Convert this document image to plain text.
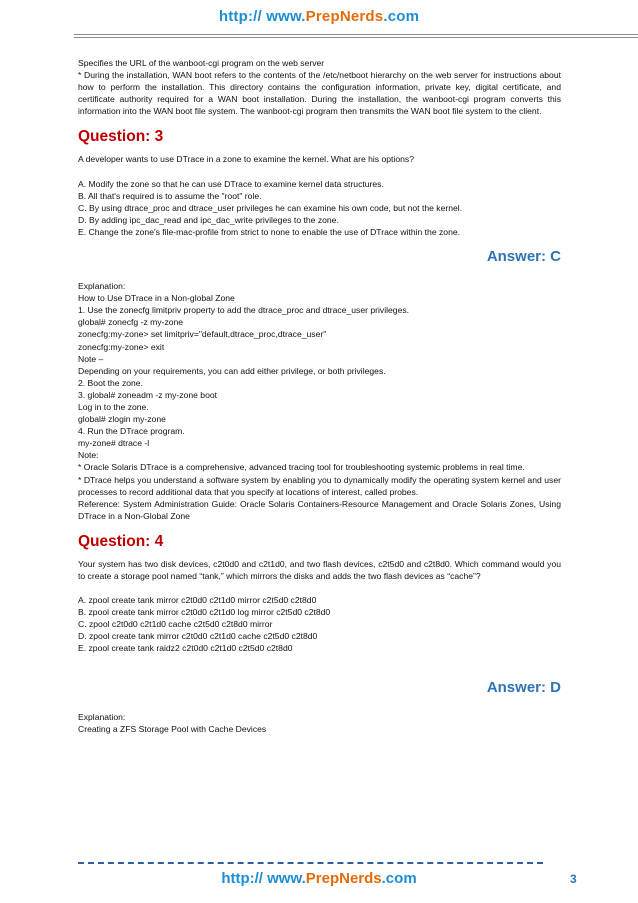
http:// www.PrepNerds.com

Specifies the URL of the wanboot-cgi program on the web server

* During the installation, WAN boot refers to the contents of the /etc/netboot hierarchy on the web server for instructions about how to perform the installation. This directory contains the configuration information, private key, digital certificate, and certificate authority required for a WAN boot installation. During the installation, the wanboot-cgi program converts this information into the WAN boot file system. The wanboot-cgi program then transmits the WAN boot file system to the client.

Question: 3

A developer wants to use DTrace in a zone to examine the kernel. What are his options?

A. Modify the zone so that he can use DTrace to examine kernel data structures.

B. All that's required is to assume the "root" role.

C. By using dtrace_proc and dtrace_user privileges he can examine his own code, but not the kernel.

D. By adding ipc_dac_read and ipc_dac_write privileges to the zone.

E. Change the zone's file-mac-profile from strict to none to enable the use of DTrace within the zone.

Answer: C

Explanation:

How to Use DTrace in a Non-global Zone

1. Use the zonecfg limitpriv property to add the dtrace_proc and dtrace_user privileges.

global# zonecfg -z my-zone

zonecfg:my-zone> set limitpriv="default,dtrace_proc,dtrace_user"

zonecfg:my-zone> exit

Note –

Depending on your requirements, you can add either privilege, or both privileges.

2. Boot the zone.

3. global# zoneadm -z my-zone boot

Log in to the zone.

global# zlogin my-zone

4. Run the DTrace program.

my-zone# dtrace -l

Note:

* Oracle Solaris DTrace is a comprehensive, advanced tracing tool for troubleshooting systemic problems in real time.

* DTrace helps you understand a software system by enabling you to dynamically modify the operating system kernel and user processes to record additional data that you specify at locations of interest, called probes.

Reference: System Administration Guide: Oracle Solaris Containers-Resource Management and Oracle Solaris Zones, Using DTrace in a Non-Global Zone

Question: 4

Your system has two disk devices, c2t0d0 and c2t1d0, and two flash devices, c2t5d0 and c2t8d0. Which command would you to create a storage pool named “tank,” which mirrors the disks and adds the two flash devices as “cache”?

A. zpool create tank mirror c2t0d0 c2t1d0 mirror c2t5d0 c2t8d0

B. zpool create tank mirror c2t0d0 c2t1d0 log mirror c2t5d0 c2t8d0

C. zpool c2t0d0 c2t1d0 cache c2t5d0 c2t8d0 mirror

D. zpool create tank mirror c2t0d0 c2t1d0 cache c2t5d0 c2t8d0

E. zpool create tank raidz2 c2t0d0 c2t1d0 c2t5d0 c2t8d0

Answer: D

Explanation:

Creating a ZFS Storage Pool with Cache Devices

http:// www.PrepNerds.com	3
